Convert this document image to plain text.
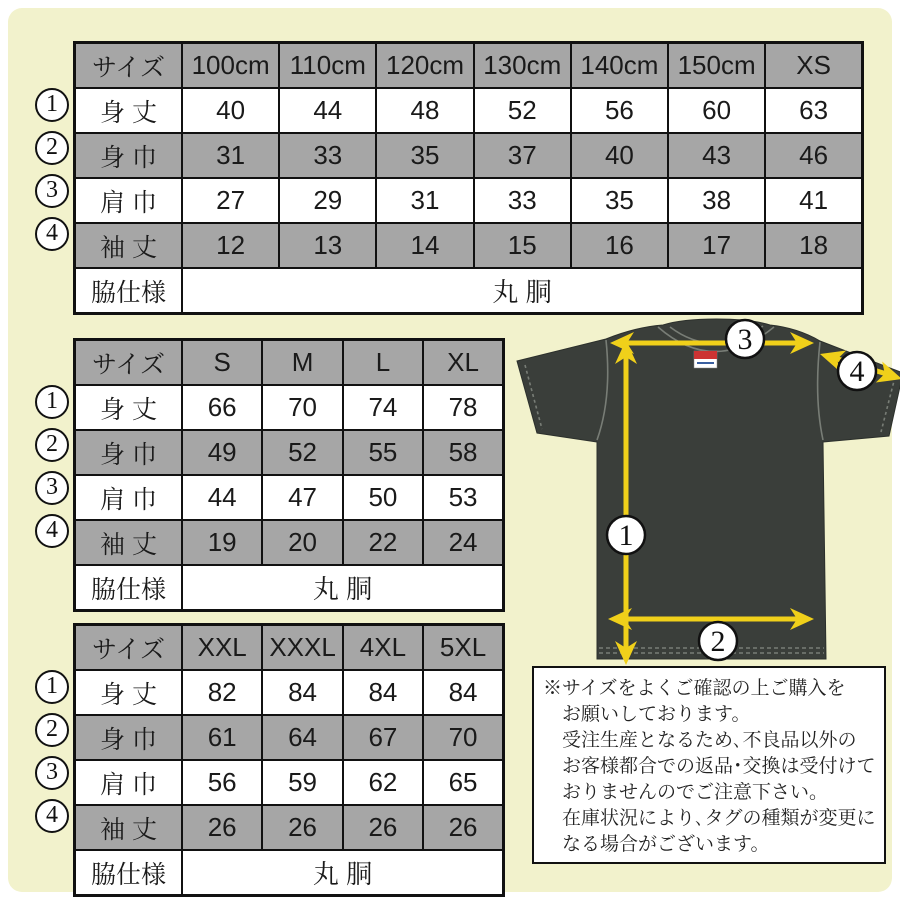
1
2
3
4
1
2
3
4
1
2
3
4
サイズ	100cm	110cm	120cm	130cm	140cm	150cm	XS
身 丈	40	44	48	52	56	60	63
身 巾	31	33	35	37	40	43	46
肩 巾	27	29	31	33	35	38	41
袖 丈	12	13	14	15	16	17	18
脇仕様	丸 胴						
サイズ	S	M	L	XL
身 丈	66	70	74	78
身 巾	49	52	55	58
肩 巾	44	47	50	53
袖 丈	19	20	22	24
脇仕様	丸 胴			
サイズ	XXL	XXXL	4XL	5XL
身 丈	82	84	84	84
身 巾	61	64	67	70
肩 巾	56	59	62	65
袖 丈	26	26	26	26
脇仕様	丸 胴			
3
4
1
2
※サイズをよくご確認の上ご購入を
お願いしております。
受注生産となるため､不良品以外の
お客様都合での返品･交換は受付けて
おりませんのでご注意下さい。
在庫状況により､タグの種類が変更に
なる場合がございます。
